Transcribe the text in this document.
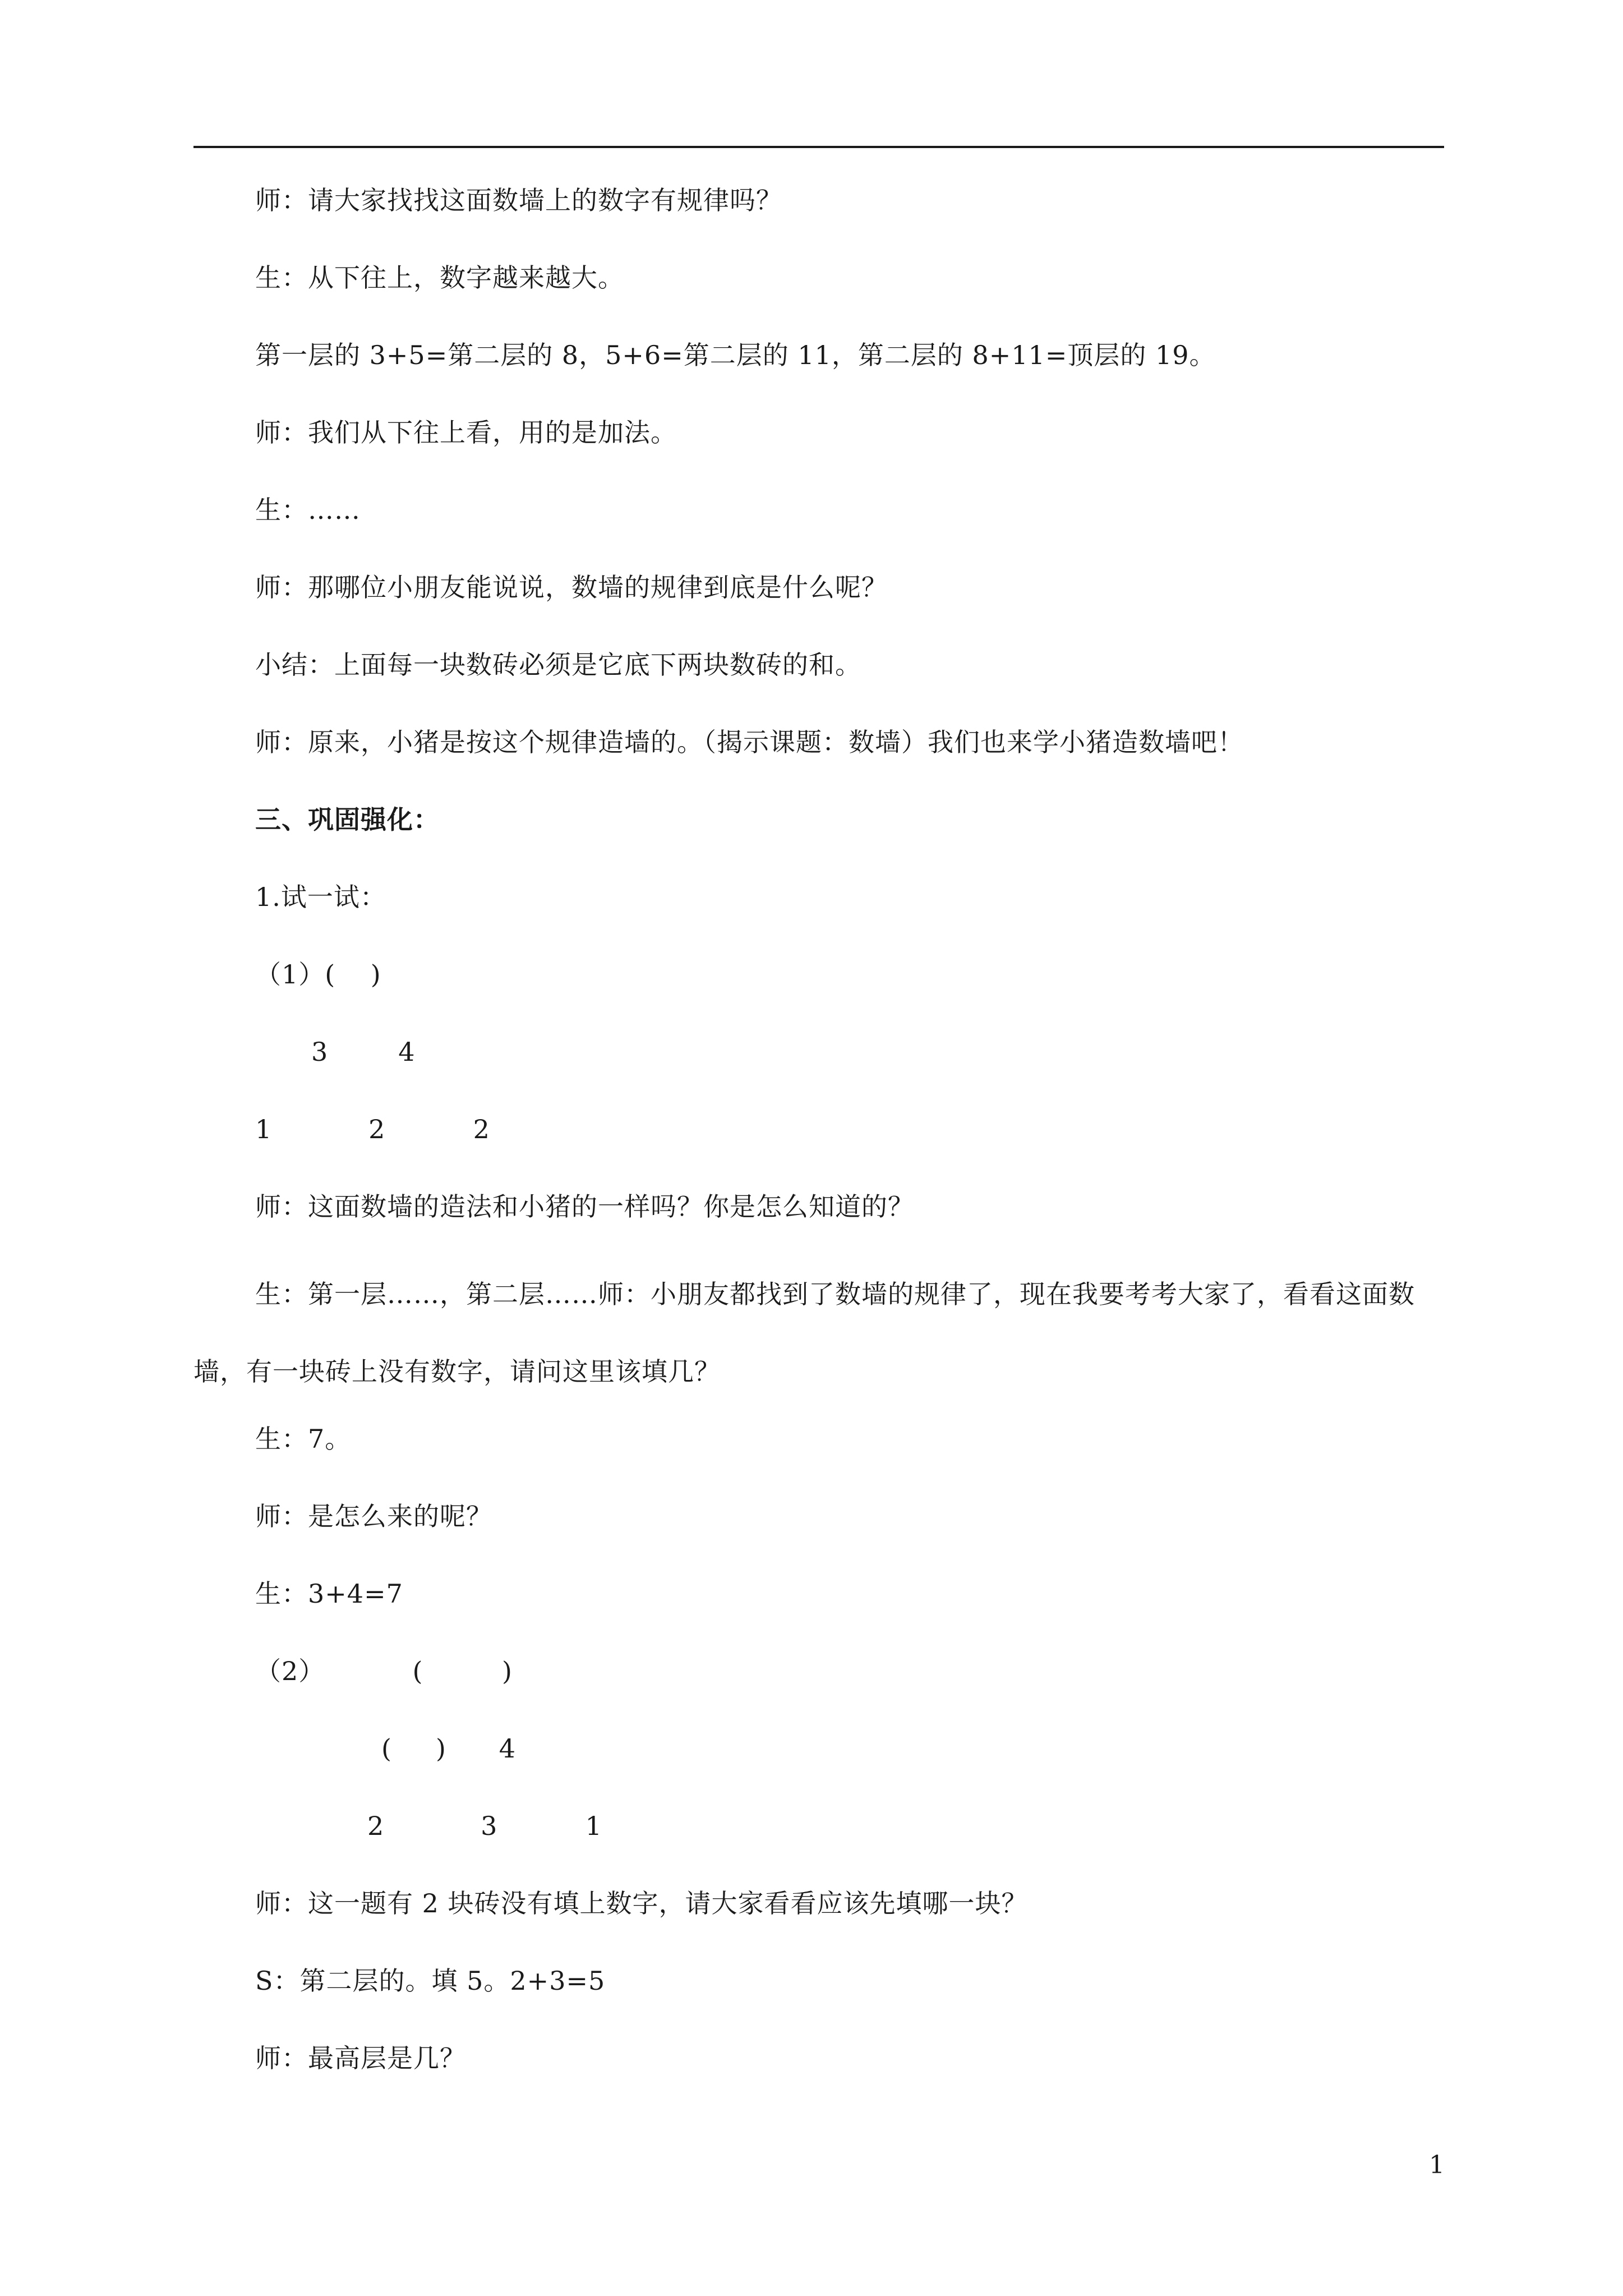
师：请大家找找这面数墙上的数字有规律吗？
生：从下往上，数字越来越大。
第一层的 3+5=第二层的 8，5+6=第二层的 11，第二层的 8+11=顶层的 19。
师：我们从下往上看，用的是加法。
生：……
师：那哪位小朋友能说说，数墙的规律到底是什么呢？
小结：上面每一块数砖必须是它底下两块数砖的和。
师：原来，小猪是按这个规律造墙的。（揭示课题：数墙）我们也来学小猪造数墙吧！
三、巩固强化：
1.试一试：
（1）(    )
3        4
1           2          2
师：这面数墙的造法和小猪的一样吗？你是怎么知道的？

生：第一层……，第二层……师：小朋友都找到了数墙的规律了，现在我要考考大家了，看看这面数墙，有一块砖上没有数字，请问这里该填几？

生：7。
师：是怎么来的呢？
生：3+4=7
（2）          (         )
(     )      4
2           3          1
师：这一题有 2 块砖没有填上数字，请大家看看应该先填哪一块？
S：第二层的。填 5。2+3=5
师：最高层是几？
1
